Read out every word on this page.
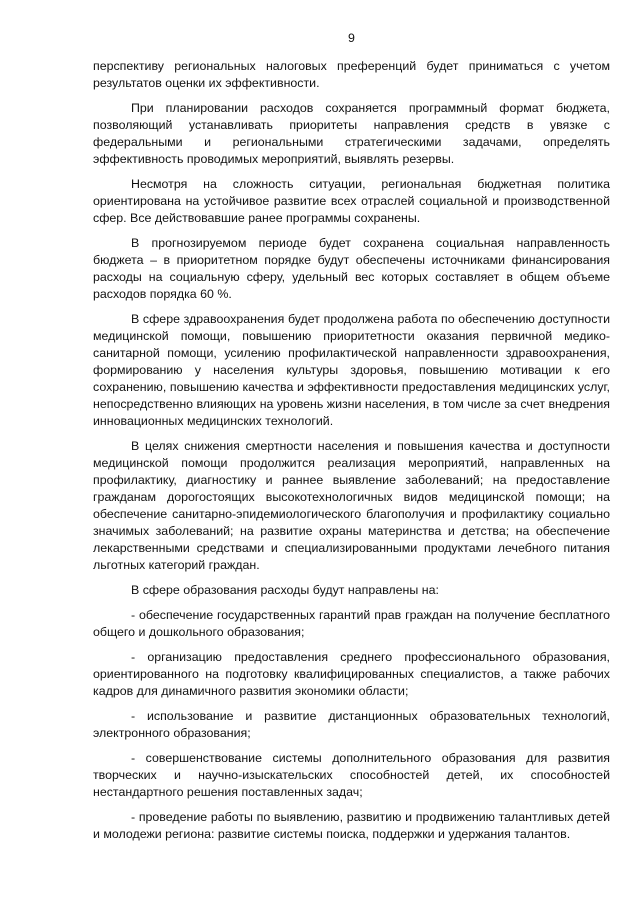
9

перспективу региональных налоговых преференций будет приниматься с учетом результатов оценки их эффективности.

При планировании расходов сохраняется программный формат бюджета, позволяющий устанавливать приоритеты направления средств в увязке с федеральными и региональными стратегическими задачами, определять эффективность проводимых мероприятий, выявлять резервы.

Несмотря на сложность ситуации, региональная бюджетная политика ориентирована на устойчивое развитие всех отраслей социальной и производственной сфер. Все действовавшие ранее программы сохранены.

В прогнозируемом периоде будет сохранена социальная направленность бюджета – в приоритетном порядке будут обеспечены источниками финансирования расходы на социальную сферу, удельный вес которых составляет в общем объеме расходов порядка 60 %.

В сфере здравоохранения будет продолжена работа по обеспечению доступности медицинской помощи, повышению приоритетности оказания первичной медико-санитарной помощи, усилению профилактической направленности здравоохранения, формированию у населения культуры здоровья, повышению мотивации к его сохранению, повышению качества и эффективности предоставления медицинских услуг, непосредственно влияющих на уровень жизни населения, в том числе за счет внедрения инновационных медицинских технологий.

В целях снижения смертности населения и повышения качества и доступности медицинской помощи продолжится реализация мероприятий, направленных на профилактику, диагностику и раннее выявление заболеваний; на предоставление гражданам дорогостоящих высокотехнологичных видов медицинской помощи; на обеспечение санитарно-эпидемиологического благополучия и профилактику социально значимых заболеваний; на развитие охраны материнства и детства; на обеспечение лекарственными средствами и специализированными продуктами лечебного питания льготных категорий граждан.

В сфере образования расходы будут направлены на:

- обеспечение государственных гарантий прав граждан на получение бесплатного общего и дошкольного образования;

- организацию предоставления среднего профессионального образования, ориентированного на подготовку квалифицированных специалистов, а также рабочих кадров для динамичного развития экономики области;

- использование и развитие дистанционных образовательных технологий, электронного образования;

- совершенствование системы дополнительного образования для развития творческих и научно-изыскательских способностей детей, их способностей нестандартного решения поставленных задач;

- проведение работы по выявлению, развитию и продвижению талантливых детей и молодежи региона: развитие системы поиска, поддержки и удержания талантов.
